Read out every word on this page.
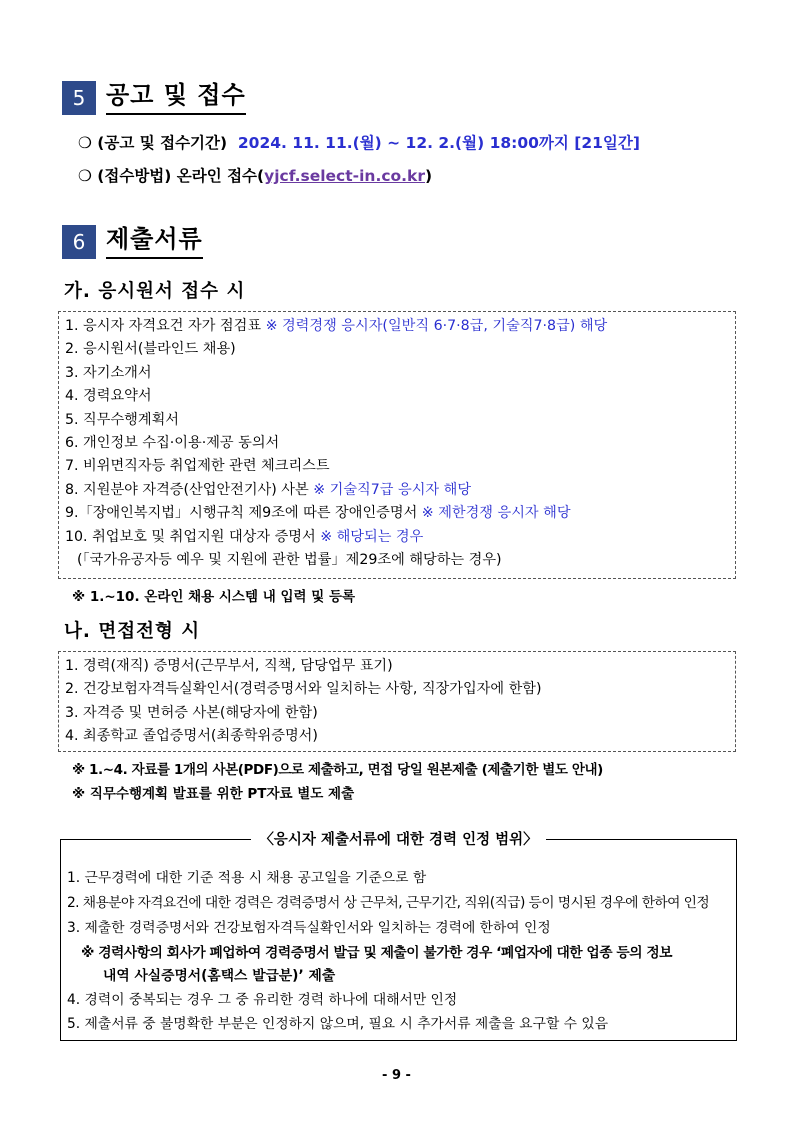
5 공고 및 접수
❍ (공고 및 접수기간) 2024. 11. 11.(월) ~ 12. 2.(월) 18:00까지 [21일간]
❍ (접수방법) 온라인 접수(yjcf.select-in.co.kr)
6 제출서류
가. 응시원서 접수 시
1. 응시자 자격요건 자가 점검표 ※ 경력경쟁 응시자(일반직 6·7·8급, 기술직7·8급) 해당
2. 응시원서(블라인드 채용)
3. 자기소개서
4. 경력요약서
5. 직무수행계획서
6. 개인정보 수집·이용·제공 동의서
7. 비위면직자등 취업제한 관련 체크리스트
8. 지원분야 자격증(산업안전기사) 사본 ※ 기술직7급 응시자 해당
9.「장애인복지법」시행규칙 제9조에 따른 장애인증명서 ※ 제한경쟁 응시자 해당
10. 취업보호 및 취업지원 대상자 증명서 ※ 해당되는 경우
(「국가유공자등 예우 및 지원에 관한 법률」제29조에 해당하는 경우)
※ 1.~10. 온라인 채용 시스템 내 입력 및 등록
나. 면접전형 시
1. 경력(재직) 증명서(근무부서, 직책, 담당업무 표기)
2. 건강보험자격득실확인서(경력증명서와 일치하는 사항, 직장가입자에 한함)
3. 자격증 및 면허증 사본(해당자에 한함)
4. 최종학교 졸업증명서(최종학위증명서)
※ 1.~4. 자료를 1개의 사본(PDF)으로 제출하고, 면접 당일 원본제출 (제출기한 별도 안내)
※ 직무수행계획 발표를 위한 PT자료 별도 제출
〈응시자 제출서류에 대한 경력 인정 범위〉
1. 근무경력에 대한 기준 적용 시 채용 공고일을 기준으로 함
2. 채용분야 자격요건에 대한 경력은 경력증명서 상 근무처, 근무기간, 직위(직급) 등이 명시된 경우에 한하여 인정
3. 제출한 경력증명서와 건강보험자격득실확인서와 일치하는 경력에 한하여 인정
※ 경력사항의 회사가 폐업하여 경력증명서 발급 및 제출이 불가한 경우 ‘폐업자에 대한 업종 등의 정보
내역 사실증명서(홈택스 발급분)’ 제출
4. 경력이 중복되는 경우 그 중 유리한 경력 하나에 대해서만 인정
5. 제출서류 중 불명확한 부분은 인정하지 않으며, 필요 시 추가서류 제출을 요구할 수 있음
- 9 -
